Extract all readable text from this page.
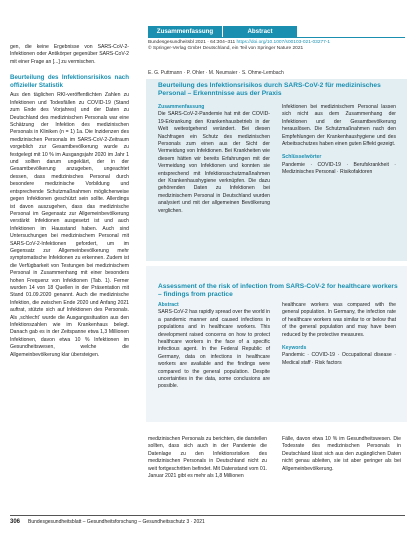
gen, die keine Ergebnisse von SARS-CoV-2-Infektionen oder Antikörper gegenüber SARS-CoV-2 mit einer Frage an [...] zu vermischen.

Beurteilung des Infektionsrisikos nach offizieller Statistik

Aus den täglichen RKI-veröffentlichten Zahlen zu Infektionen und Todesfällen zu COVID-19 (Stand zum Ende des Vorjahres) und der Daten zu Deutschland des medizinischen Personals war eine Schätzung der Infektion des medizinischen Personals in Kliniken (n = 1) 1a. Die Inzidenzen des medizinischen Personals im SARS-CoV-2-Zeitraum vorgeblich zur Gesamtbevölkerung wurde zu festgelegt mit 10 % im Ausgangsjahr 2020 im Jahr 1 und sollten darum ungeklärt, der in der Gesamtbevölkerung anzugeben, ungeachtet dessen, dass medizinisches Personal durch besondere medizinische Vorbildung und entsprechende Schutzmaßnahmen möglicherweise gegen Infektionen geschützt sein sollte. Allerdings ist davon auszugehen, dass das medizinische Personal im Gegensatz zur Allgemeinbevölkerung verstärkt Infektionen ausgesetzt ist und auch Infektionen im Hausstand haben. Auch sind Untersuchungen bei medizinischem Personal mit SARS-CoV-2-Infektionen gefordert, um im Gegensatz zur Allgemeinbevölkerung mehr symptomatische Infektionen zu erkennen. Zudem ist die Verfügbarkeit von Testungen bei medizinischem Personal in Zusammenhang mit einer besonders hohen Frequenz von Infektionen (Tab. 1). Ferner wurden 14 von 18 Quellen in der Präsentation mit Stand 01.09.2020 genannt. Auch die medizinische Infektion, die zwischen Ende 2020 und Anfang 2021 auftrat, stützte sich auf Infektionen des Personals. Als ‚schlecht‘ wurde die Ausgangssituation aus den Infektionszahlen wie im Krankenhaus belegt. Danach gab es in der Zeitspanne etwa 1,3 Millionen Infektionen, davon etwa 10 % Infektionen im Gesundheitswesen, welche die Allgemeinbevölkerung klar übersteigen.

Zusammenfassung	Abstract
Bundesgesundheitsbl 2021 · 64:304–311 https://doi.org/10.1007/s00103-021-03277-1
© Springer-Verlag GmbH Deutschland, ein Teil von Springer Nature 2021
E. G. Puttmann · P. Ohler · M. Neumaier · S. Ohme-Lembach
Beurteilung des Infektionsrisikos durch SARS-CoV-2 für medizinisches Personal – Erkenntnisse aus der Praxis
Zusammenfassung

Die SARS-CoV-2-Pandemie hat mit der COVID-19-Erkrankung den Krankenhausbetrieb in der Welt weitestgehend verändert. Bei diesen Nachfragen ein Schutz des medizinischen Personals zum einen aus der Sicht der Vermeidung von Infektionen. Bei Krankheiten wie diesem hätten wir bereits Erfahrungen mit der Vermeidung von Infektionen und konnten sie entsprechend mit Infektionsschutzmaßnahmen der Krankenhaushygiene verknüpfen. Die dazu gehörenden Daten zu Infektionen bei medizinischem Personal in Deutschland wurden analysiert und mit der allgemeinen Bevölkerung verglichen.

Infektionen bei medizinischem Personal lassen sich nicht aus dem Zusammenhang der Infektionen und der Gesamtbevölkerung herauslösen. Die Schutzmaßnahmen nach den Empfehlungen der Krankenhaushygiene und des Arbeitsschutzes haben einen guten Effekt gezeigt.

Schlüsselwörter

Pandemie · COVID-19 · Berufskrankheit · Medizinisches Personal · Risikofaktoren

Assessment of the risk of infection from SARS-CoV-2 for healthcare workers – findings from practice
Abstract

SARS-CoV-2 has rapidly spread over the world in a pandemic manner and caused infections in populations and in healthcare workers. This development raised concerns on how to protect healthcare workers in the face of a specific infectious agent. In the Federal Republic of Germany, data on infections in healthcare workers are available and the findings were compared to the general population. Despite uncertainties in the data, some conclusions are possible.

healthcare workers was compared with the general population. In Germany, the infection rate of healthcare workers was similar to or below that of the general population and may have been reduced by the protective measures.

Keywords

Pandemic · COVID-19 · Occupational disease · Medical staff · Risk factors

medizinischen Personals zu berichten, die darstellen sollten, dass sich auch in der Pandemie die Datenlage zu den Infektionsrisiken des medizinischen Personals in Deutschland nicht zu weit fortgeschritten befindet. Mit Datenstand vom 01. Januar 2021 gibt es mehr als 1,8 Millionen
Fälle, davon etwa 10 % im Gesundheitswesen. Die Todesrate des medizinischen Personals in Deutschland lässt sich aus den zugänglichen Daten nicht genau ableiten, sie ist aber geringer als bei Allgemeinbevölkerung.
306 Bundesgesundheitsblatt – Gesundheitsforschung – Gesundheitsschutz 3 · 2021
